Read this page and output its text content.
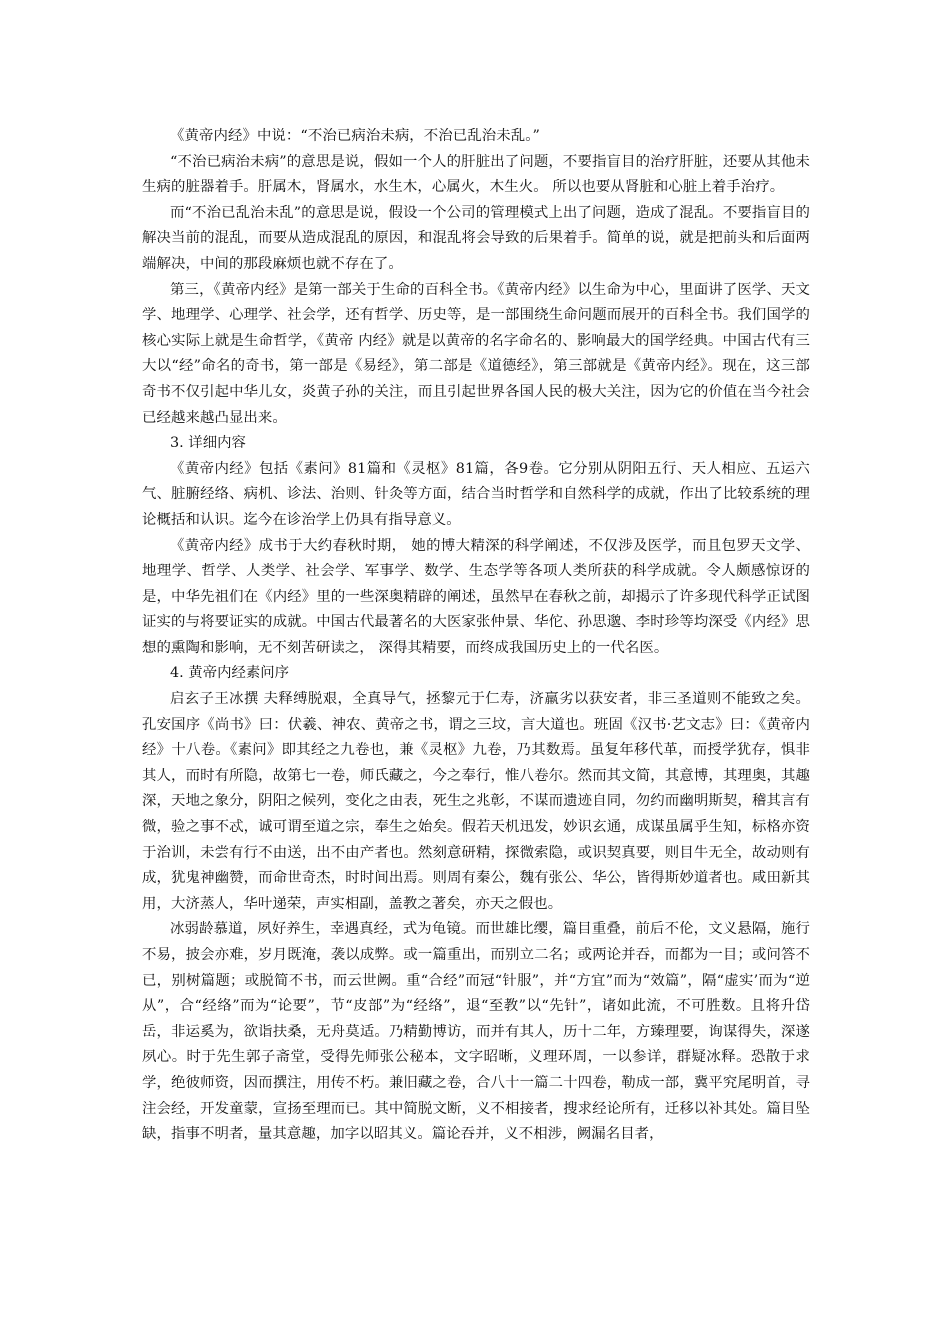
《黄帝内经》中说：“不治已病治未病，不治已乱治未乱。”

“不治已病治未病”的意思是说，假如一个人的肝脏出了问题，不要指盲目的治疗肝脏，还要从其他未生病的脏器着手。肝属木，肾属水，水生木，心属火，木生火。 所以也要从肾脏和心脏上着手治疗。

而“不治已乱治未乱”的意思是说，假设一个公司的管理模式上出了问题，造成了混乱。不要指盲目的解决当前的混乱，而要从造成混乱的原因，和混乱将会导致的后果着手。简单的说，就是把前头和后面两端解决，中间的那段麻烦也就不存在了。

第三，《黄帝内经》是第一部关于生命的百科全书。《黄帝内经》以生命为中心，里面讲了医学、天文学、地理学、心理学、社会学，还有哲学、历史等，是一部围绕生命问题而展开的百科全书。我们国学的核心实际上就是生命哲学，《黄帝 内经》就是以黄帝的名字命名的、影响最大的国学经典。中国古代有三大以“经”命名的奇书，第一部是《易经》，第二部是《道德经》，第三部就是《黄帝内经》。现在，这三部奇书不仅引起中华儿女，炎黄子孙的关注，而且引起世界各国人民的极大关注，因为它的价值在当今社会已经越来越凸显出来。

3. 详细内容

《黄帝内经》包括《素问》81篇和《灵枢》81篇，各9卷。它分别从阴阳五行、天人相应、五运六气、脏腑经络、病机、诊法、治则、针灸等方面，结合当时哲学和自然科学的成就，作出了比较系统的理论概括和认识。迄今在诊治学上仍具有指导意义。

《黄帝内经》成书于大约春秋时期， 她的博大精深的科学阐述，不仅涉及医学，而且包罗天文学、地理学、哲学、人类学、社会学、军事学、数学、生态学等各项人类所获的科学成就。令人颇感惊讶的是，中华先祖们在《内经》里的一些深奥精辟的阐述，虽然早在春秋之前，却揭示了许多现代科学正试图证实的与将要证实的成就。中国古代最著名的大医家张仲景、华佗、孙思邈、李时珍等均深受《内经》思想的熏陶和影响，无不刻苦研读之， 深得其精要，而终成我国历史上的一代名医。

4. 黄帝内经素问序

启玄子王冰撰 夫释缚脱艰，全真导气，拯黎元于仁寿，济羸劣以获安者，非三圣道则不能致之矣。孔安国序《尚书》曰：伏羲、神农、黄帝之书，谓之三坟，言大道也。班固《汉书·艺文志》曰：《黄帝内经》十八卷。《素问》即其经之九卷也，兼《灵枢》九卷，乃其数焉。虽复年移代革，而授学犹存，惧非其人，而时有所隐，故第七一卷，师氏藏之，今之奉行，惟八卷尔。然而其文简，其意博，其理奥，其趣深，天地之象分，阴阳之候列，变化之由表，死生之兆彰，不谋而遗迹自同，勿约而幽明斯契，稽其言有微，验之事不忒，诚可谓至道之宗，奉生之始矣。假若天机迅发，妙识玄通，成谋虽属乎生知，标格亦资于治训，未尝有行不由送，出不由产者也。然刻意研精，探微索隐，或识契真要，则目牛无全，故动则有成，犹鬼神幽赞，而命世奇杰，时时间出焉。则周有秦公，魏有张公、华公，皆得斯妙道者也。咸田新其用，大济蒸人，华叶递荣，声实相副，盖教之著矣，亦天之假也。

冰弱龄慕道，夙好养生，幸遇真经，式为龟镜。而世雄比缨，篇目重叠，前后不伦，文义悬隔，施行不易，披会亦难，岁月既淹，袭以成弊。或一篇重出，而别立二名；或两论并吞，而都为一目；或问答不已，别树篇题；或脱简不书，而云世阙。重“合经”而冠“针服”，并“方宜”而为“效篇”，隔“虚实’而为“逆从”，合“经络”而为“论要”，节“皮部”为“经络”，退“至教”以“先针”，诸如此流，不可胜数。且将升岱岳，非运奚为，欲诣扶桑，无舟莫适。乃精勤博访，而并有其人，历十二年，方臻理要，询谋得失，深遂夙心。时于先生郭子斋堂，受得先师张公秘本，文字昭晰，义理环周，一以参详，群疑冰释。恐散于求学，绝彼师资，因而撰注，用传不朽。兼旧藏之卷，合八十一篇二十四卷，勒成一部，冀平究尾明首，寻注会经，开发童蒙，宣扬至理而已。其中简脱文断，义不相接者，搜求经论所有，迁移以补其处。篇目坠缺，指事不明者，量其意趣，加字以昭其义。篇论吞并，义不相涉，阙漏名目者，
